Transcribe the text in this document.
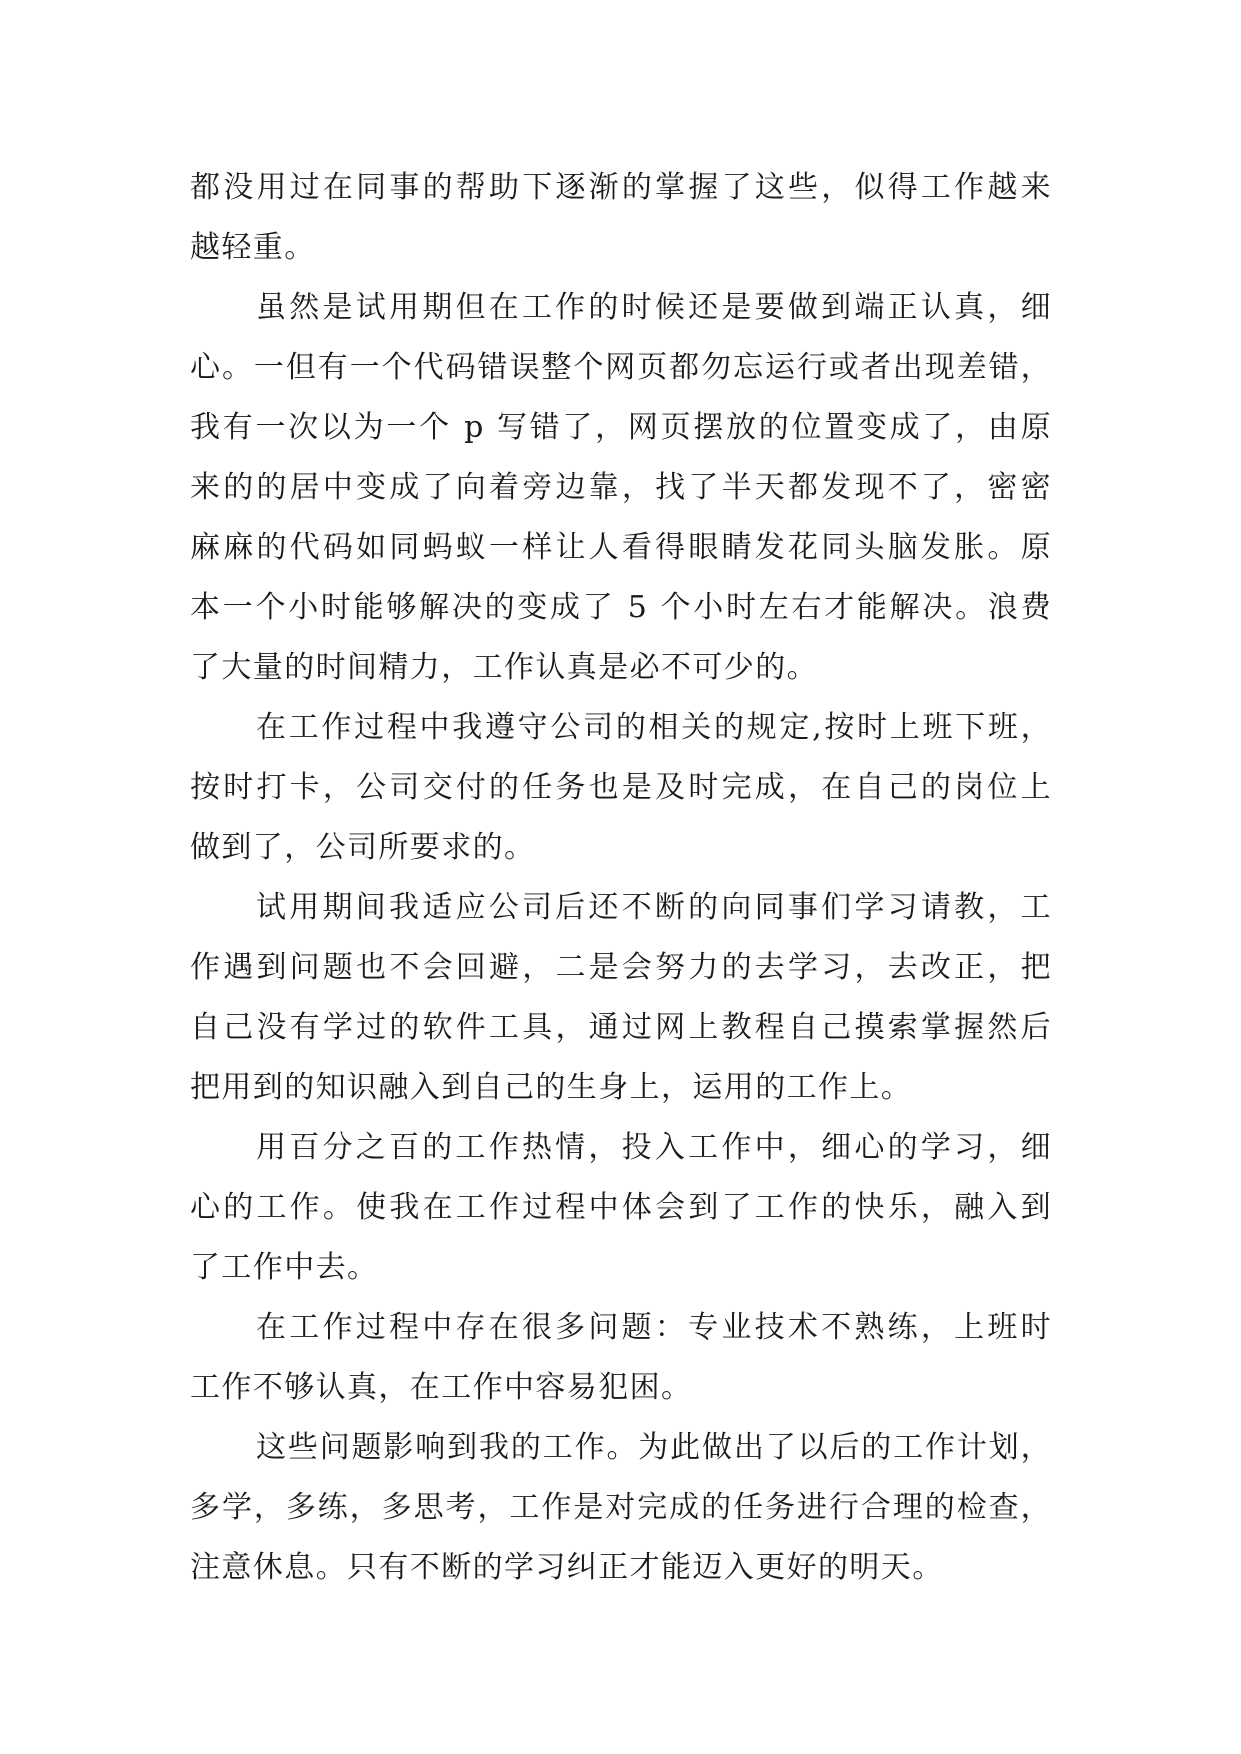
都没用过在同事的帮助下逐渐的掌握了这些，似得工作越来
越轻重。
虽然是试用期但在工作的时候还是要做到端正认真，细
心。一但有一个代码错误整个网页都勿忘运行或者出现差错，
我有一次以为一个 p 写错了，网页摆放的位置变成了，由原
来的的居中变成了向着旁边靠，找了半天都发现不了，密密
麻麻的代码如同蚂蚁一样让人看得眼睛发花同头脑发胀。原
本一个小时能够解决的变成了 5 个小时左右才能解决。浪费
了大量的时间精力，工作认真是必不可少的。
在工作过程中我遵守公司的相关的规定,按时上班下班，
按时打卡，公司交付的任务也是及时完成，在自己的岗位上
做到了，公司所要求的。
试用期间我适应公司后还不断的向同事们学习请教，工
作遇到问题也不会回避，二是会努力的去学习，去改正，把
自己没有学过的软件工具，通过网上教程自己摸索掌握然后
把用到的知识融入到自己的生身上，运用的工作上。
用百分之百的工作热情，投入工作中，细心的学习，细
心的工作。使我在工作过程中体会到了工作的快乐，融入到
了工作中去。
在工作过程中存在很多问题：专业技术不熟练，上班时
工作不够认真，在工作中容易犯困。
这些问题影响到我的工作。为此做出了以后的工作计划，
多学，多练，多思考，工作是对完成的任务进行合理的检查，
注意休息。只有不断的学习纠正才能迈入更好的明天。
